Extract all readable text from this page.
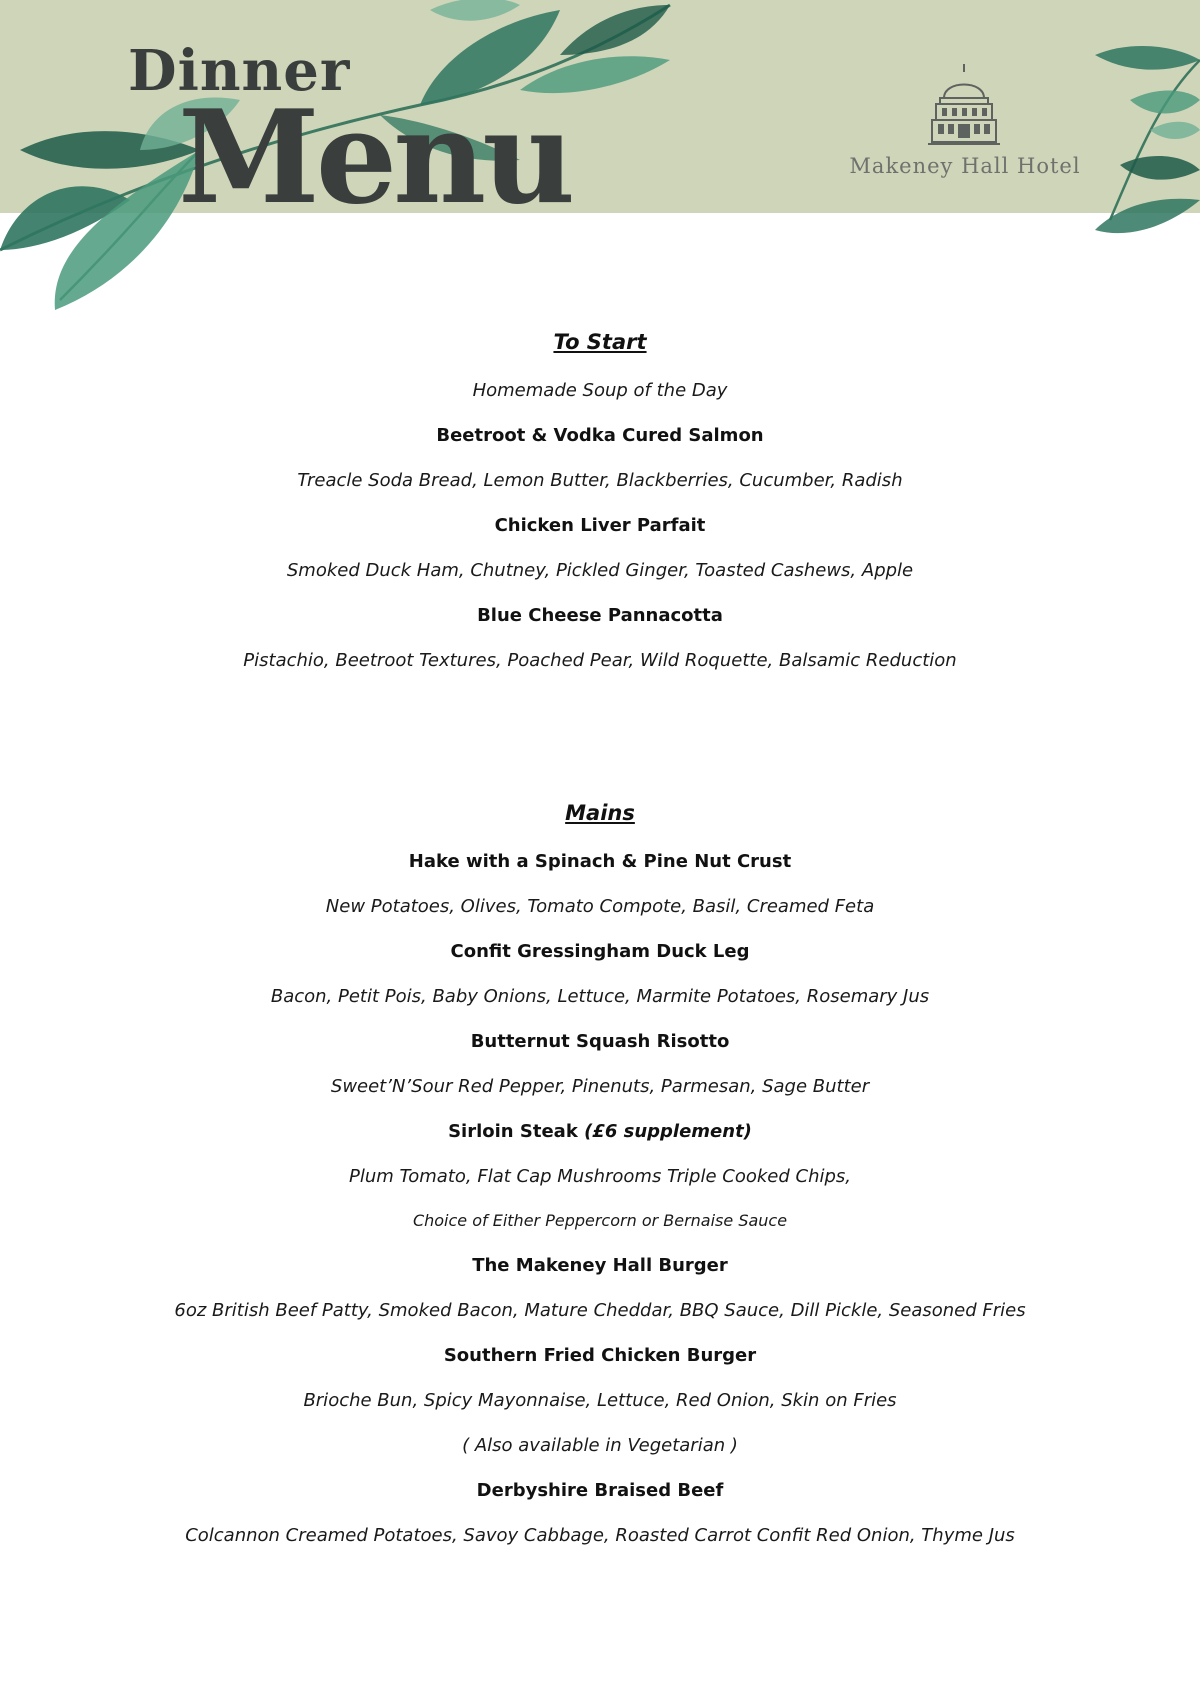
Dinner
Menu	Makeney Hall Hotel
To Start
Homemade Soup of the Day
Beetroot & Vodka Cured Salmon
Treacle Soda Bread, Lemon Butter, Blackberries, Cucumber, Radish
Chicken Liver Parfait
Smoked Duck Ham, Chutney, Pickled Ginger, Toasted Cashews, Apple
Blue Cheese Pannacotta
Pistachio, Beetroot Textures, Poached Pear, Wild Roquette, Balsamic Reduction
Mains
Hake with a Spinach & Pine Nut Crust
New Potatoes, Olives, Tomato Compote, Basil, Creamed Feta
Confit Gressingham Duck Leg
Bacon, Petit Pois, Baby Onions, Lettuce, Marmite Potatoes, Rosemary Jus
Butternut Squash Risotto
Sweet’N’Sour Red Pepper, Pinenuts, Parmesan, Sage Butter
Sirloin Steak (£6 supplement)
Plum Tomato, Flat Cap Mushrooms Triple Cooked Chips,
Choice of Either Peppercorn or Bernaise Sauce
The Makeney Hall Burger
6oz British Beef Patty, Smoked Bacon, Mature Cheddar, BBQ Sauce, Dill Pickle, Seasoned Fries
Southern Fried Chicken Burger
Brioche Bun, Spicy Mayonnaise, Lettuce, Red Onion, Skin on Fries
( Also available in Vegetarian )
Derbyshire Braised Beef
Colcannon Creamed Potatoes, Savoy Cabbage, Roasted Carrot Confit Red Onion, Thyme Jus
